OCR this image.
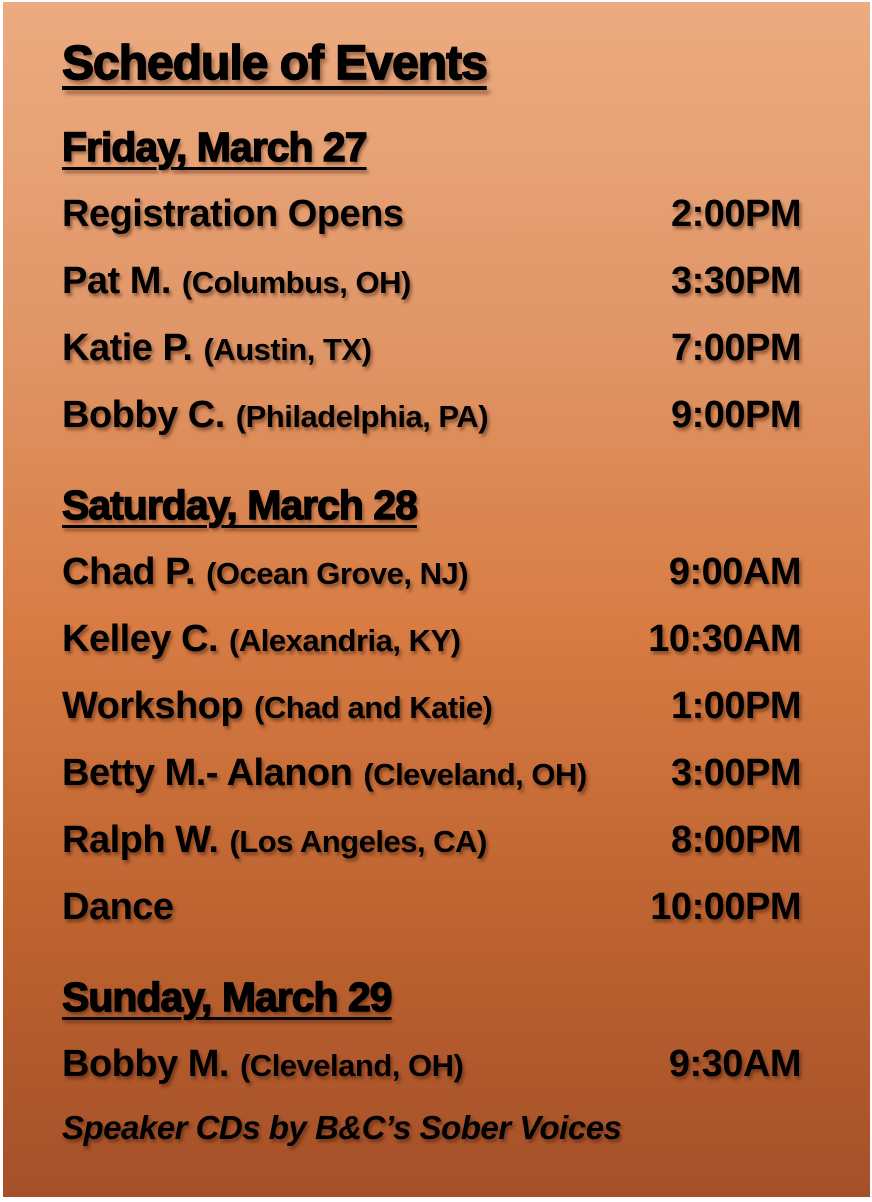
Schedule of Events
Friday, March 27
Registration Opens	2:00PM
Pat M. (Columbus, OH)	3:30PM
Katie P. (Austin, TX)	7:00PM
Bobby C. (Philadelphia, PA)	9:00PM
Saturday, March 28
Chad P. (Ocean Grove, NJ)	9:00AM
Kelley C. (Alexandria, KY)	10:30AM
Workshop (Chad and Katie)	1:00PM
Betty M.- Alanon (Cleveland, OH) 3:00PM
Ralph W. (Los Angeles, CA)	8:00PM
Dance	10:00PM
Sunday, March 29
Bobby M. (Cleveland, OH)	9:30AM
Speaker CDs by B&C’s Sober Voices
